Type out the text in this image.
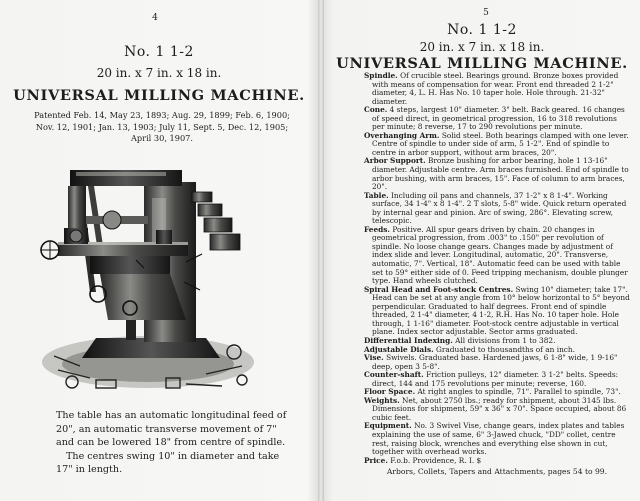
4
No. 1 1-2
20 in. x 7 in. x 18 in.
UNIVERSAL MILLING MACHINE.
Patented Feb. 14, May 23, 1893; Aug. 29, 1899; Feb. 6, 1900; Nov. 12, 1901; Jan. 13, 1903; July 11, Sept. 5, Dec. 12, 1905; April 30, 1907.

The table has an automatic longitudinal feed of 20", an automatic transverse movement of 7" and can be lowered 18" from centre of spindle.

The centres swing 10" in diameter and take 17" in length.

5
No. 1 1-2
20 in. x 7 in. x 18 in.
UNIVERSAL MILLING MACHINE.

Spindle. Of crucible steel. Bearings ground. Bronze boxes provided with means of compensation for wear. Front end threaded 2 1-2" diameter, 4, L. H. Has No. 10 taper hole. Hole through. 21-32" diameter.

Cone. 4 steps, largest 10" diameter. 3" belt. Back geared. 16 changes of speed direct, in geometrical progression, 16 to 318 revolutions per minute; 8 reverse, 17 to 290 revolutions per minute.

Overhanging Arm. Solid steel. Both bearings clamped with one lever. Centre of spindle to under side of arm, 5 1-2". End of spindle to centre in arbor support, without arm braces, 20".

Arbor Support. Bronze bushing for arbor bearing, hole 1 13-16" diameter. Adjustable centre. Arm braces furnished. End of spindle to arbor bushing, with arm braces, 15". Face of column to arm braces, 20".

Table. Including oil pans and channels, 37 1-2" x 8 1-4". Working surface, 34 1-4" x 8 1-4". 2 T slots, 5-8" wide. Quick return operated by internal gear and pinion. Arc of swing, 286°. Elevating screw, telescopic.

Feeds. Positive. All spur gears driven by chain. 20 changes in geometrical progression, from .003" to .150" per revolution of spindle. No loose change gears. Changes made by adjustment of index slide and lever. Longitudinal, automatic, 20". Transverse, automatic, 7". Vertical, 18". Automatic feed can be used with table set to 59° either side of 0. Feed tripping mechanism, double plunger type. Hand wheels clutched.

Spiral Head and Foot-stock Centres. Swing 10" diameter; take 17". Head can be set at any angle from 10° below horizontal to 5° beyond perpendicular. Graduated to half degrees. Front end of spindle threaded, 2 1-4" diameter, 4 1-2, R.H. Has No. 10 taper hole. Hole through, 1 1-16" diameter. Foot-stock centre adjustable in vertical plane. Index sector adjustable. Sector arms graduated.

Differential Indexing. All divisions from 1 to 382.

Adjustable Dials. Graduated to thousandths of an inch.

Vise. Swivels. Graduated base. Hardened jaws, 6 1-8" wide, 1 9-16" deep, open 3 5-8".

Counter-shaft. Friction pulleys, 12" diameter. 3 1-2" belts. Speeds: direct, 144 and 175 revolutions per minute; reverse, 160.

Floor Space. At right angles to spindle, 71". Parallel to spindle, 73".

Weights. Net, about 2750 lbs.; ready for shipment, about 3145 lbs. Dimensions for shipment, 59" x 36" x 70". Space occupied, about 86 cubic feet.

Equipment. No. 3 Swivel Vise, change gears, index plates and tables explaining the use of same, 6" 3-Jawed chuck, "DD" collet, centre rest, raising block, wrenches and everything else shown in cut, together with overhead works.

Price. F.o.b. Providence, R. I. $

Arbors, Collets, Tapers and Attachments, pages 54 to 99.
